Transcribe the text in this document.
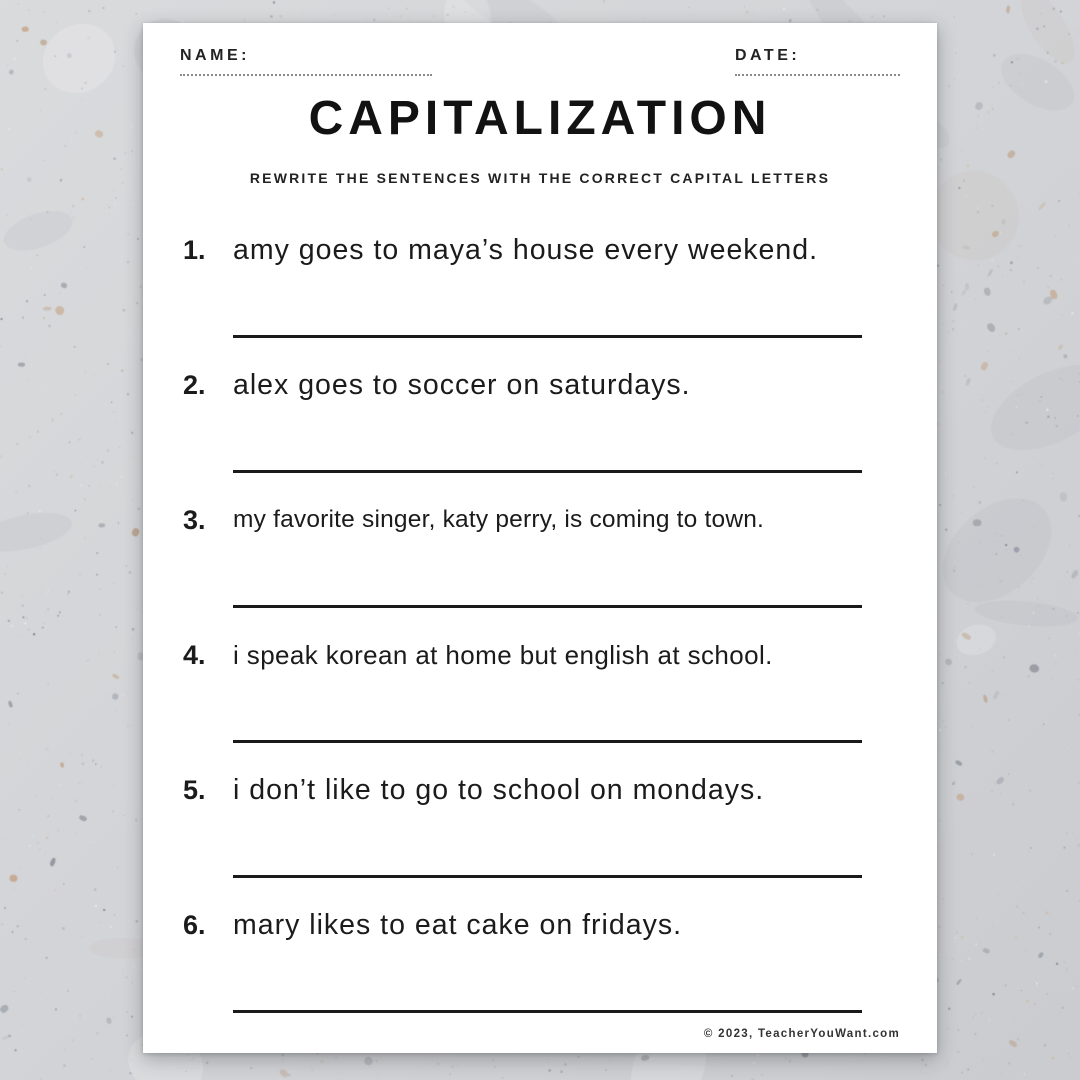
NAME:	DATE:
CAPITALIZATION

REWRITE THE SENTENCES WITH THE CORRECT CAPITAL LETTERS

1. amy goes to maya’s house every weekend.
2. alex goes to soccer on saturdays.
3. my favorite singer, katy perry, is coming to town.
4. i speak korean at home but english at school.
5. i don’t like to go to school on mondays.
6. mary likes to eat cake on fridays.
© 2023, TeacherYouWant.com
